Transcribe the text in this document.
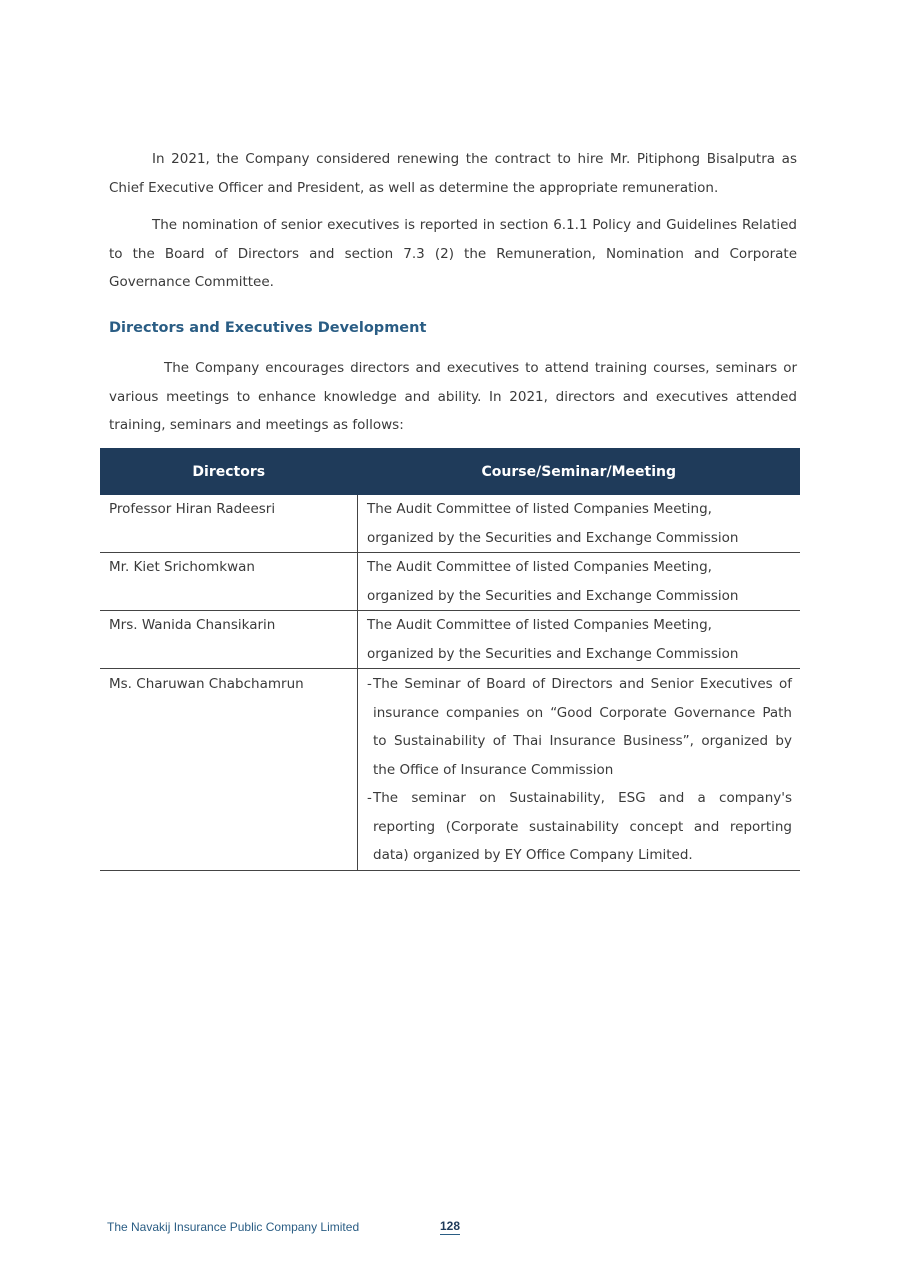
In 2021, the Company considered renewing the contract to hire Mr. Pitiphong Bisalputra as Chief Executive Officer and President, as well as determine the appropriate remuneration.

The nomination of senior executives is reported in section 6.1.1 Policy and Guidelines Relatied to the Board of Directors and section 7.3 (2) the Remuneration, Nomination and Corporate Governance Committee.

Directors and Executives Development

The Company encourages directors and executives to attend training courses, seminars or various meetings to enhance knowledge and ability. In 2021, directors and executives attended training, seminars and meetings as follows:

Directors	Course/Seminar/Meeting
Professor Hiran Radeesri	The Audit Committee of listed Companies Meeting,
organized by the Securities and Exchange Commission

Mr. Kiet Srichomkwan	The Audit Committee of listed Companies Meeting,
organized by the Securities and Exchange Commission

Mrs. Wanida Chansikarin	The Audit Committee of listed Companies Meeting,
organized by the Securities and Exchange Commission

Ms. Charuwan Chabchamrun	- The Seminar of Board of Directors and Senior Executives of insurance companies on “Good Corporate Governance Path to Sustainability of Thai Insurance Business”, organized by the Office of Insurance Commission
- The seminar on Sustainability, ESG and a company's reporting (Corporate sustainability concept and reporting data) organized by EY Office Company Limited.
The Navakij Insurance Public Company Limited	128
